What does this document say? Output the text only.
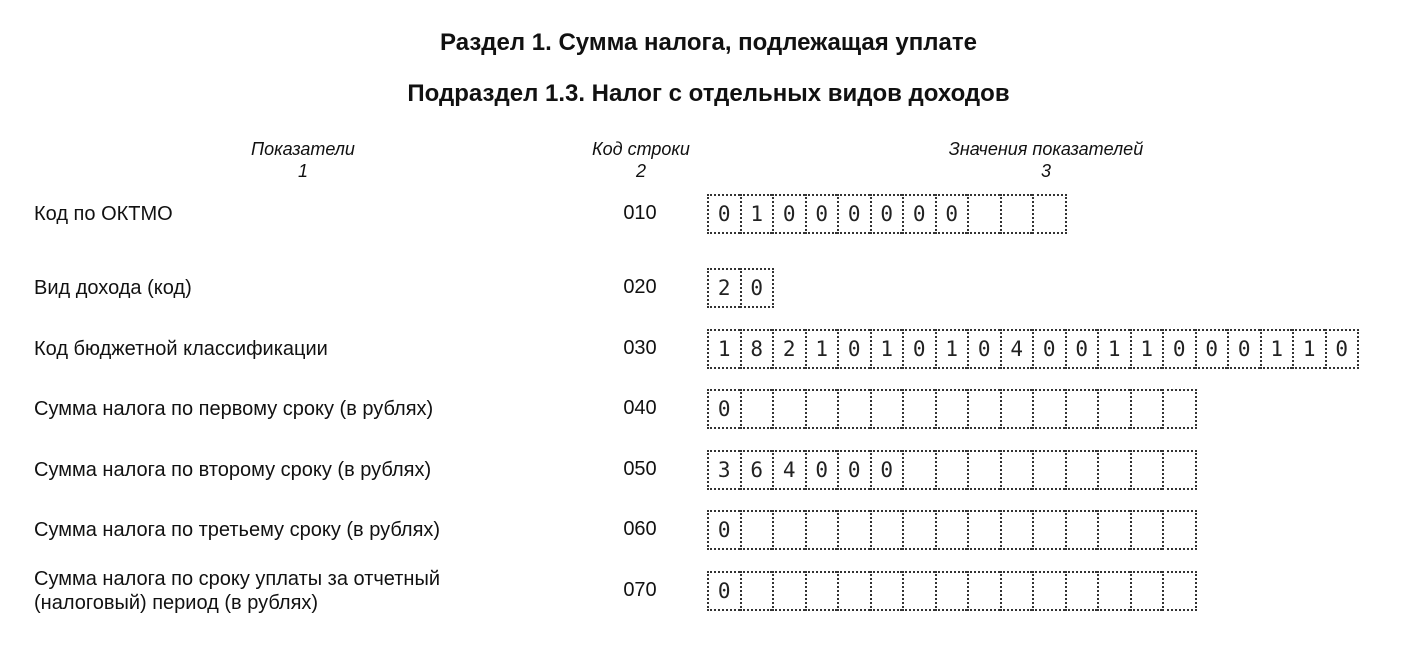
Раздел 1. Сумма налога, подлежащая уплате
Подраздел 1.3. Налог с отдельных видов доходов
Показатели
1
Код строки
2
Значения показателей
3
Код по ОКТМО	010	0 1 0 0 0 0 0 0
Вид дохода (код)	020	2 0
Код бюджетной классификации	030	1 8 2 1 0 1 0 1 0 4 0 0 1 1 0 0 0 1 1 0
Сумма налога по первому сроку (в рублях)	040	0
Сумма налога по второму сроку (в рублях)	050	3 6 4 0 0 0
Сумма налога по третьему сроку (в рублях)	060	0
Сумма налога по сроку уплаты за отчетный
(налоговый) период (в рублях)
070	0
